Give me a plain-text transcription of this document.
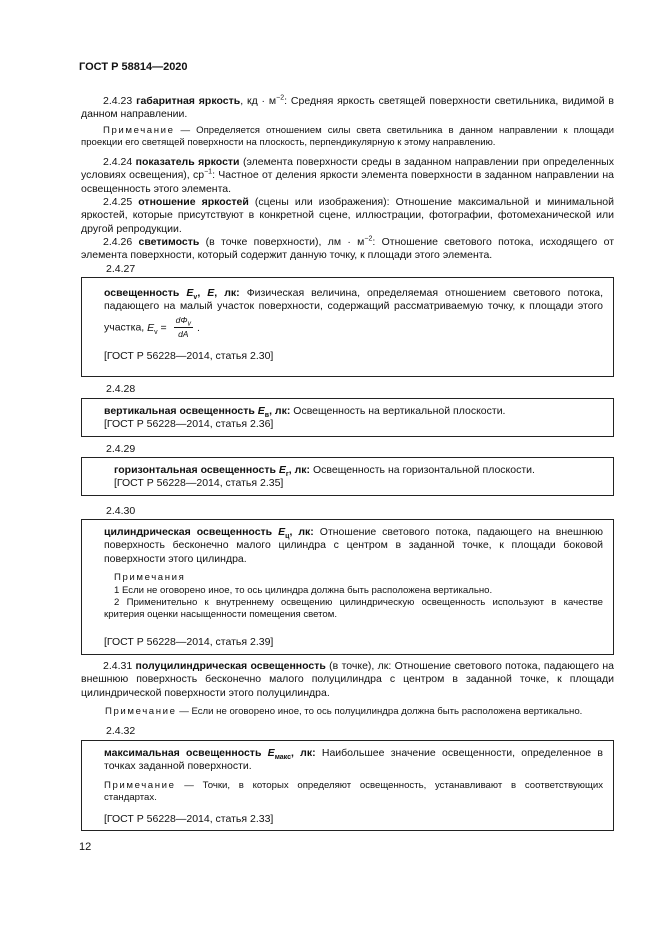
ГОСТ Р 58814—2020

2.4.23 габаритная яркость, кд · $м^{-2}$: Средняя яркость светящей поверхности светильника, видимой в данном направлении.

Примечание — Определяется отношением силы света светильника в данном направлении к площади проекции его светящей поверхности на плоскость, перпендикулярную к этому направлению.

2.4.24 показатель яркости (элемента поверхности среды в заданном направлении при определенных условиях освещения), $ср^{-1}$: Частное от деления яркости элемента поверхности в заданном направлении на освещенность этого элемента.

2.4.25 отношение яркостей (сцены или изображения): Отношение максимальной и минимальной яркостей, которые присутствуют в конкретной сцене, иллюстрации, фотографии, фотомеханической или другой репродукции.

2.4.26 светимость (в точке поверхности), лм · $м^{-2}$: Отношение светового потока, исходящего от элемента поверхности, который содержит данную точку, к площади этого элемента.

2.4.27

освещенность $E_v$, E, лк: Физическая величина, определяемая отношением светового потока, падающего на малый участок поверхности, содержащий рассматриваемую точку, к площади этого участка, $E_v = \frac{d\Phi_v}{dA}$ .

[ГОСТ Р 56228—2014, статья 2.30]

2.4.28

вертикальная освещенность $E_в$, лк: Освещенность на вертикальной плоскости.

[ГОСТ Р 56228—2014, статья 2.36]

2.4.29

горизонтальная освещенность $E_г$, лк: Освещенность на горизонтальной плоскости.

[ГОСТ Р 56228—2014, статья 2.35]

2.4.30

цилиндрическая освещенность $E_ц$, лк: Отношение светового потока, падающего на внешнюю поверхность бесконечно малого цилиндра с центром в заданной точке, к площади боковой поверхности этого цилиндра.

Примечания

1 Если не оговорено иное, то ось цилиндра должна быть расположена вертикально.

2 Применительно к внутреннему освещению цилиндрическую освещенность используют в качестве критерия оценки насыщенности помещения светом.

[ГОСТ Р 56228—2014, статья 2.39]

2.4.31 полуцилиндрическая освещенность (в точке), лк: Отношение светового потока, падающего на внешнюю поверхность бесконечно малого полуцилиндра с центром в заданной точке, к площади цилиндрической поверхности этого полуцилиндра.

Примечание — Если не оговорено иное, то ось полуцилиндра должна быть расположена вертикально.

2.4.32

максимальная освещенность $E_{макс}$, лк: Наибольшее значение освещенности, определенное в точках заданной поверхности.

Примечание — Точки, в которых определяют освещенность, устанавливают в соответствующих стандартах.

[ГОСТ Р 56228—2014, статья 2.33]

12
